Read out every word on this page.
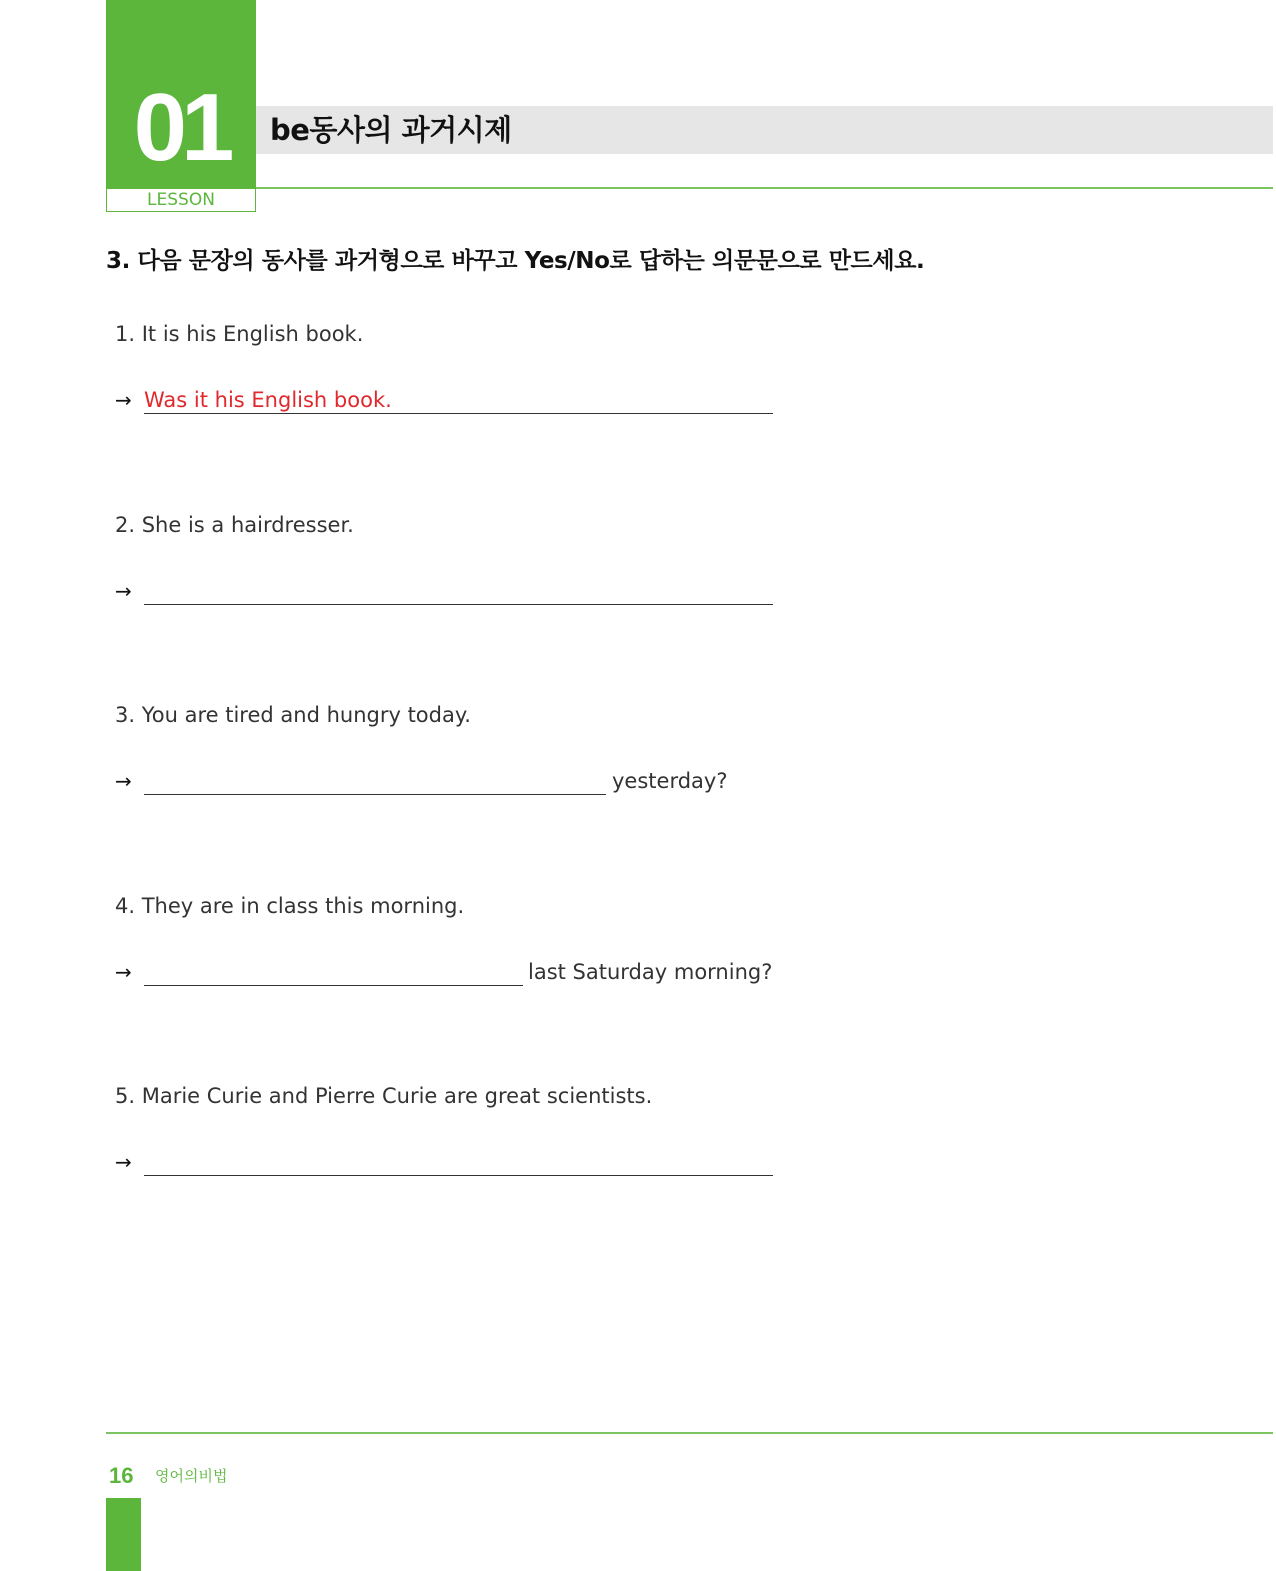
01
LESSON
be동사의 과거시제
3. 다음 문장의 동사를 과거형으로 바꾸고 Yes/No로 답하는 의문문으로 만드세요.
1. It is his English book.
→ Was it his English book.
2. She is a hairdresser.
→
3. You are tired and hungry today.
→	yesterday?
4. They are in class this morning.
→	last Saturday morning?
5. Marie Curie and Pierre Curie are great scientists.
→
16 영어의비법
